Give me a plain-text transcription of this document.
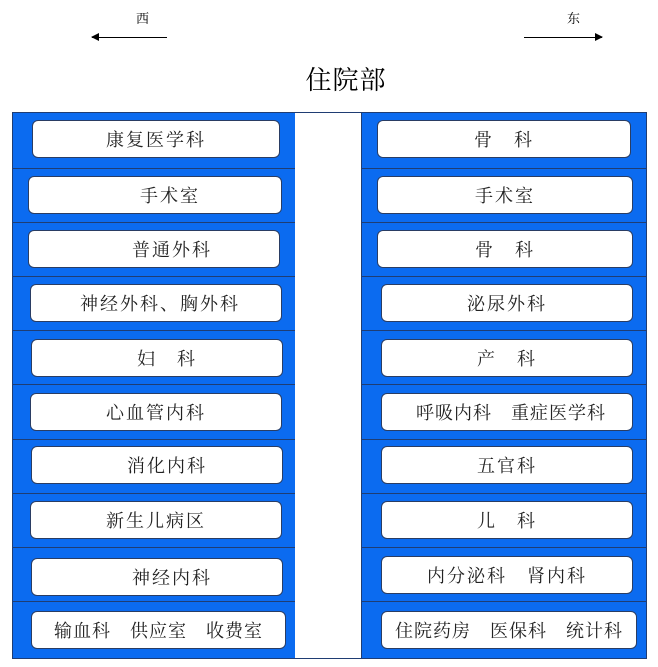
西	东
住院部
康复医学科
手术室
普通外科
神经外科、胸外科
妇　科
心血管内科
消化内科
新生儿病区
神经内科
输血科　供应室　收费室
骨　科
手术室
骨　科
泌尿外科
产　科
呼吸内科　重症医学科
五官科
儿　科
内分泌科　肾内科
住院药房　医保科　统计科
